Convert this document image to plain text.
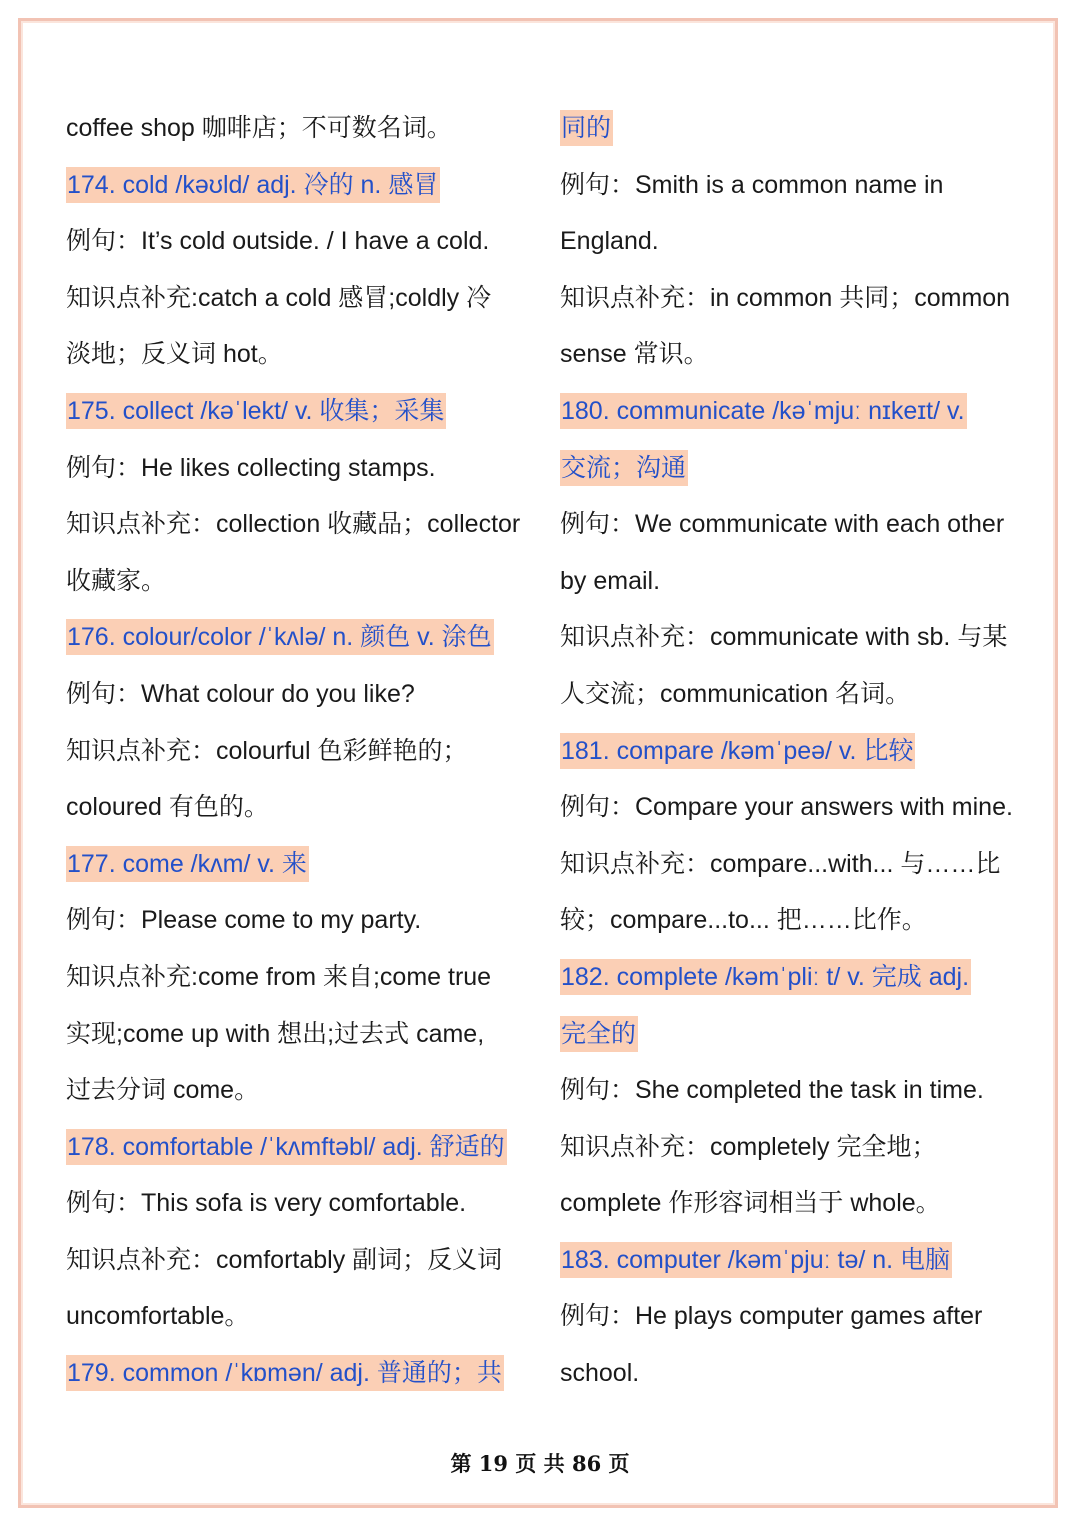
coffee shop 咖啡店；不可数名词。
174. cold /kəʊld/ adj. 冷的 n. 感冒
例句：It’s cold outside. / I have a cold.
知识点补充:catch a cold 感冒;coldly 冷
淡地；反义词 hot。
175. collect /kəˈlekt/ v. 收集；采集
例句：He likes collecting stamps.
知识点补充：collection 收藏品；collector
收藏家。
176. colour/color /ˈkʌlə/ n. 颜色 v. 涂色
例句：What colour do you like?
知识点补充：colourful 色彩鲜艳的；
coloured 有色的。
177. come /kʌm/ v. 来
例句：Please come to my party.
知识点补充:come from 来自;come true
实现;come up with 想出;过去式 came,
过去分词 come。
178. comfortable /ˈkʌmftəbl/ adj. 舒适的
例句：This sofa is very comfortable.
知识点补充：comfortably 副词；反义词
uncomfortable。
179. common /ˈkɒmən/ adj. 普通的；共
同的
例句：Smith is a common name in
England.
知识点补充：in common 共同；common
sense 常识。
180. communicate /kəˈmjuː nɪkeɪt/ v.
交流；沟通
例句：We communicate with each other
by email.
知识点补充：communicate with sb. 与某
人交流；communication 名词。
181. compare /kəmˈpeə/ v. 比较
例句：Compare your answers with mine.
知识点补充：compare...with... 与……比
较；compare...to... 把……比作。
182. complete /kəmˈpliː t/ v. 完成 adj.
完全的
例句：She completed the task in time.
知识点补充：completely 完全地；
complete 作形容词相当于 whole。
183. computer /kəmˈpjuː tə/ n. 电脑
例句：He plays computer games after
school.
第 19 页 共 86 页
